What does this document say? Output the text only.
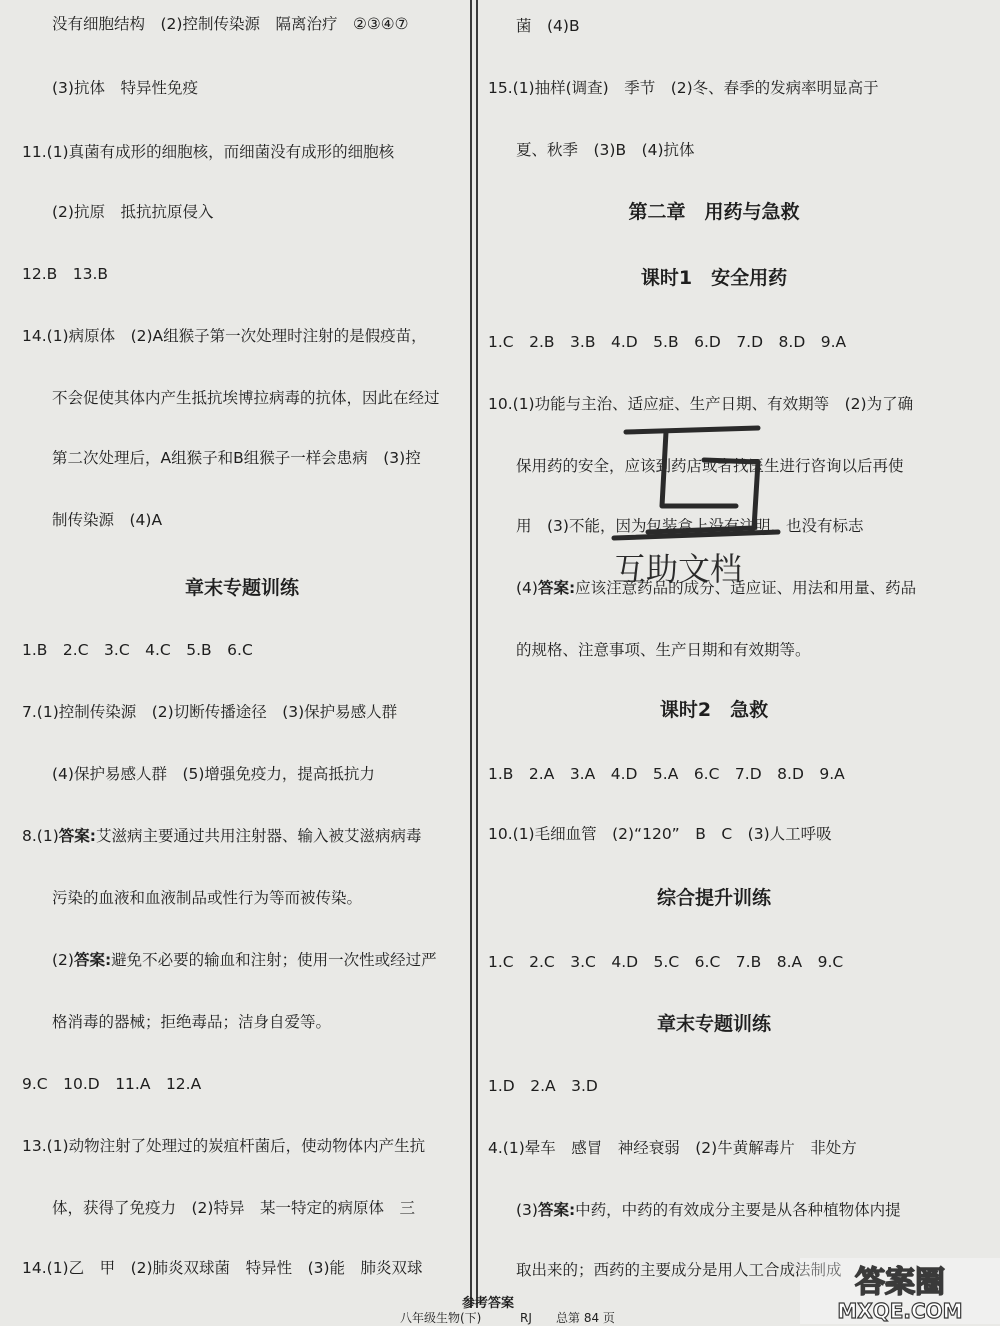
没有细胞结构　(2)控制传染源　隔离治疗　②③④⑦
(3)抗体　特异性免疫
11.(1)真菌有成形的细胞核，而细菌没有成形的细胞核
(2)抗原　抵抗抗原侵入
12.B　13.B
14.(1)病原体　(2)A组猴子第一次处理时注射的是假疫苗，
不会促使其体内产生抵抗埃博拉病毒的抗体，因此在经过
第二次处理后，A组猴子和B组猴子一样会患病　(3)控
制传染源　(4)A
章末专题训练
1.B　2.C　3.C　4.C　5.B　6.C
7.(1)控制传染源　(2)切断传播途径　(3)保护易感人群
(4)保护易感人群　(5)增强免疫力，提高抵抗力
8.(1)答案:艾滋病主要通过共用注射器、输入被艾滋病病毒
污染的血液和血液制品或性行为等而被传染。
(2)答案:避免不必要的输血和注射；使用一次性或经过严
格消毒的器械；拒绝毒品；洁身自爱等。
9.C　10.D　11.A　12.A
13.(1)动物注射了处理过的炭疽杆菌后，使动物体内产生抗
体，获得了免疫力　(2)特异　某一特定的病原体　三
14.(1)乙　甲　(2)肺炎双球菌　特异性　(3)能　肺炎双球
菌　(4)B
15.(1)抽样(调查)　季节　(2)冬、春季的发病率明显高于
夏、秋季　(3)B　(4)抗体
第二章　用药与急救
课时1　安全用药
1.C　2.B　3.B　4.D　5.B　6.D　7.D　8.D　9.A
10.(1)功能与主治、适应症、生产日期、有效期等　(2)为了确
保用药的安全，应该到药店或者找医生进行咨询以后再使
用　(3)不能，因为包装盒上没有注明，也没有标志
(4)答案:应该注意药品的成分、适应证、用法和用量、药品
的规格、注意事项、生产日期和有效期等。
课时2　急救
1.B　2.A　3.A　4.D　5.A　6.C　7.D　8.D　9.A
10.(1)毛细血管　(2)“120”　B　C　(3)人工呼吸
综合提升训练
1.C　2.C　3.C　4.D　5.C　6.C　7.B　8.A　9.C
章末专题训练
1.D　2.A　3.D
4.(1)晕车　感冒　神经衰弱　(2)牛黄解毒片　非处方
(3)答案:中药，中药的有效成分主要是从各种植物体内提
取出来的；西药的主要成分是用人工合成法制成
互助文档
参考答案
八年级生物(下)	RJ 总第 84 页
答案圈
MXQE.COM
